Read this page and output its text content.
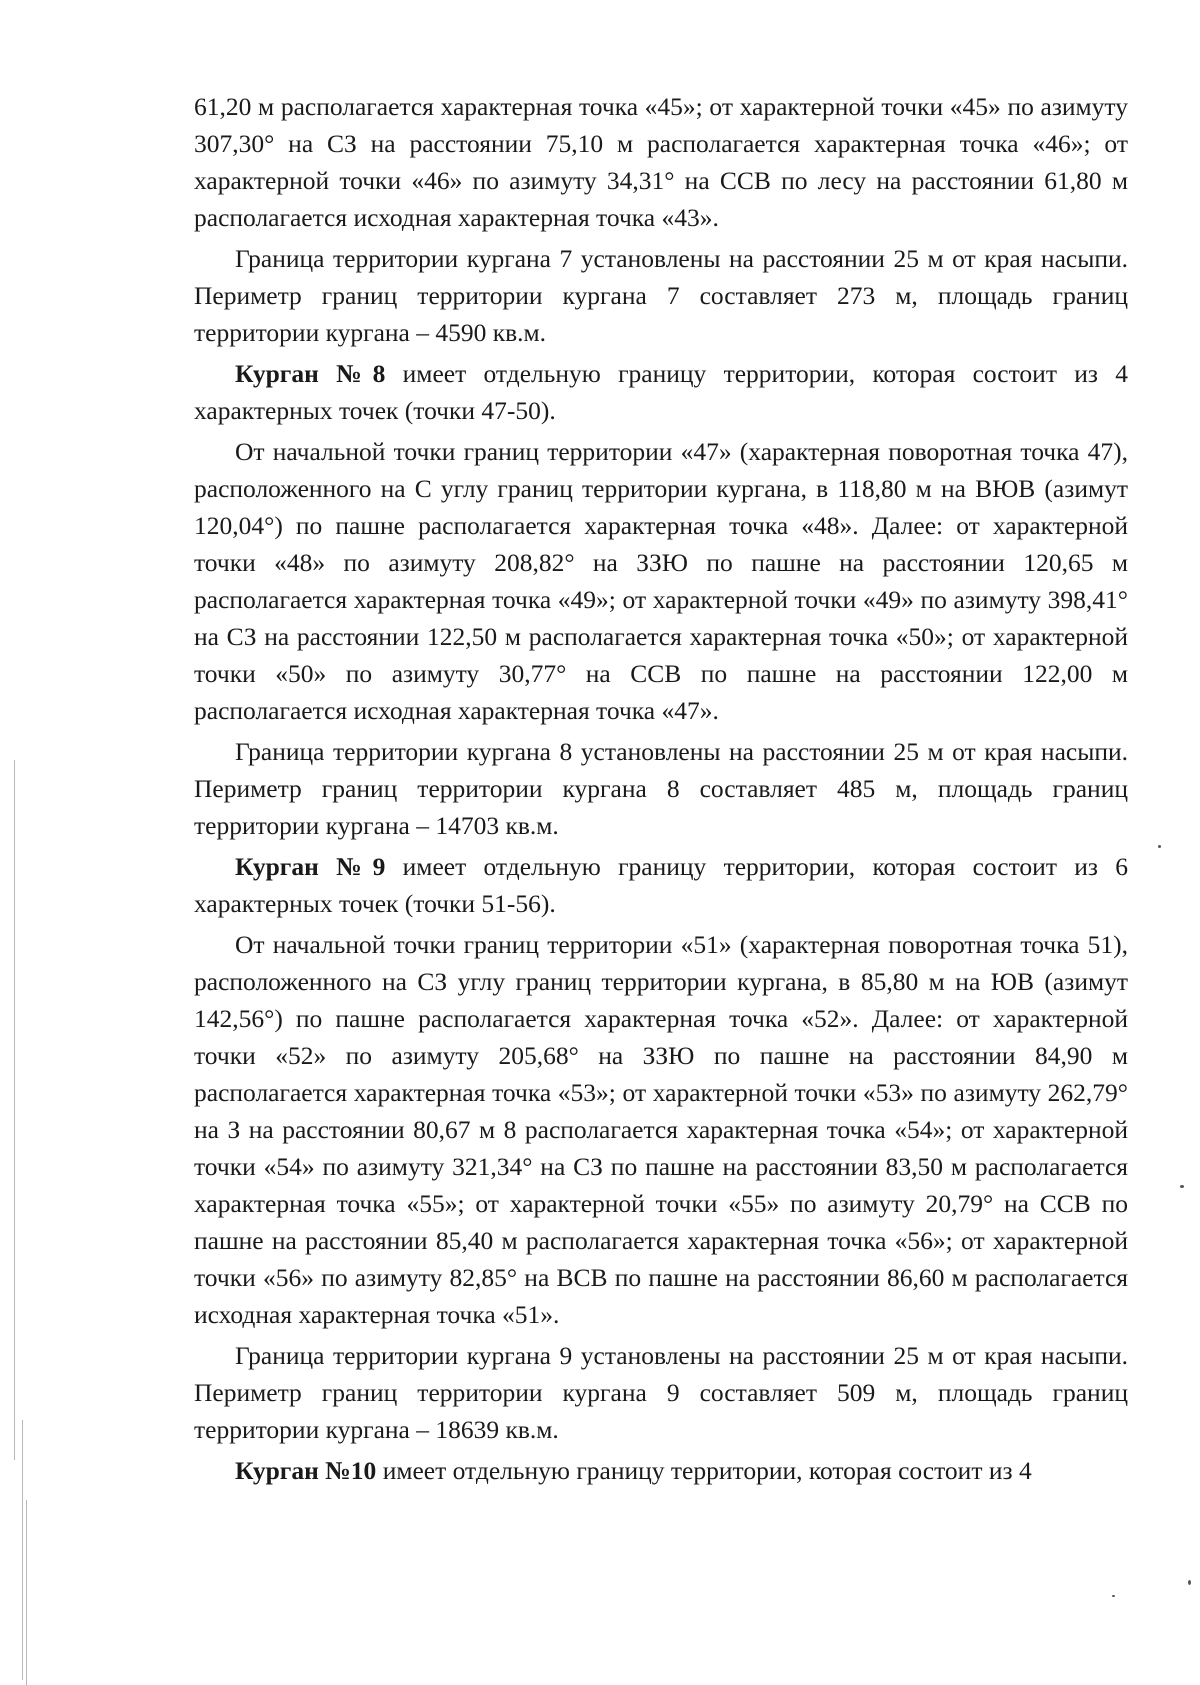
61,20 м располагается характерная точка «45»; от характерной точки «45» по азимуту 307,30° на СЗ на расстоянии 75,10 м располагается характерная точка «46»; от характерной точки «46» по азимуту 34,31° на ССВ по лесу на расстоянии 61,80 м располагается исходная характерная точка «43».

Граница территории кургана 7 установлены на расстоянии 25 м от края насыпи. Периметр границ территории кургана 7 составляет 273 м, площадь границ территории кургана – 4590 кв.м.

Курган №8 имеет отдельную границу территории, которая состоит из 4 характерных точек (точки 47-50).

От начальной точки границ территории «47» (характерная поворотная точка 47), расположенного на С углу границ территории кургана, в 118,80 м на ВЮВ (азимут 120,04°) по пашне располагается характерная точка «48». Далее: от характерной точки «48» по азимуту 208,82° на ЗЗЮ по пашне на расстоянии 120,65 м располагается характерная точка «49»; от характерной точки «49» по азимуту 398,41° на СЗ на расстоянии 122,50 м располагается характерная точка «50»; от характерной точки «50» по азимуту 30,77° на ССВ по пашне на расстоянии 122,00 м располагается исходная характерная точка «47».

Граница территории кургана 8 установлены на расстоянии 25 м от края насыпи. Периметр границ территории кургана 8 составляет 485 м, площадь границ территории кургана – 14703 кв.м.

Курган №9 имеет отдельную границу территории, которая состоит из 6 характерных точек (точки 51-56).

От начальной точки границ территории «51» (характерная поворотная точка 51), расположенного на СЗ углу границ территории кургана, в 85,80 м на ЮВ (азимут 142,56°) по пашне располагается характерная точка «52». Далее: от характерной точки «52» по азимуту 205,68° на ЗЗЮ по пашне на расстоянии 84,90 м располагается характерная точка «53»; от характерной точки «53» по азимуту 262,79° на З на расстоянии 80,67 м 8 располагается характерная точка «54»; от характерной точки «54» по азимуту 321,34° на СЗ по пашне на расстоянии 83,50 м располагается характерная точка «55»; от характерной точки «55» по азимуту 20,79° на ССВ по пашне на расстоянии 85,40 м располагается характерная точка «56»; от характерной точки «56» по азимуту 82,85° на ВСВ по пашне на расстоянии 86,60 м располагается исходная характерная точка «51».

Граница территории кургана 9 установлены на расстоянии 25 м от края насыпи. Периметр границ территории кургана 9 составляет 509 м, площадь границ территории кургана – 18639 кв.м.

Курган №10 имеет отдельную границу территории, которая состоит из 4
